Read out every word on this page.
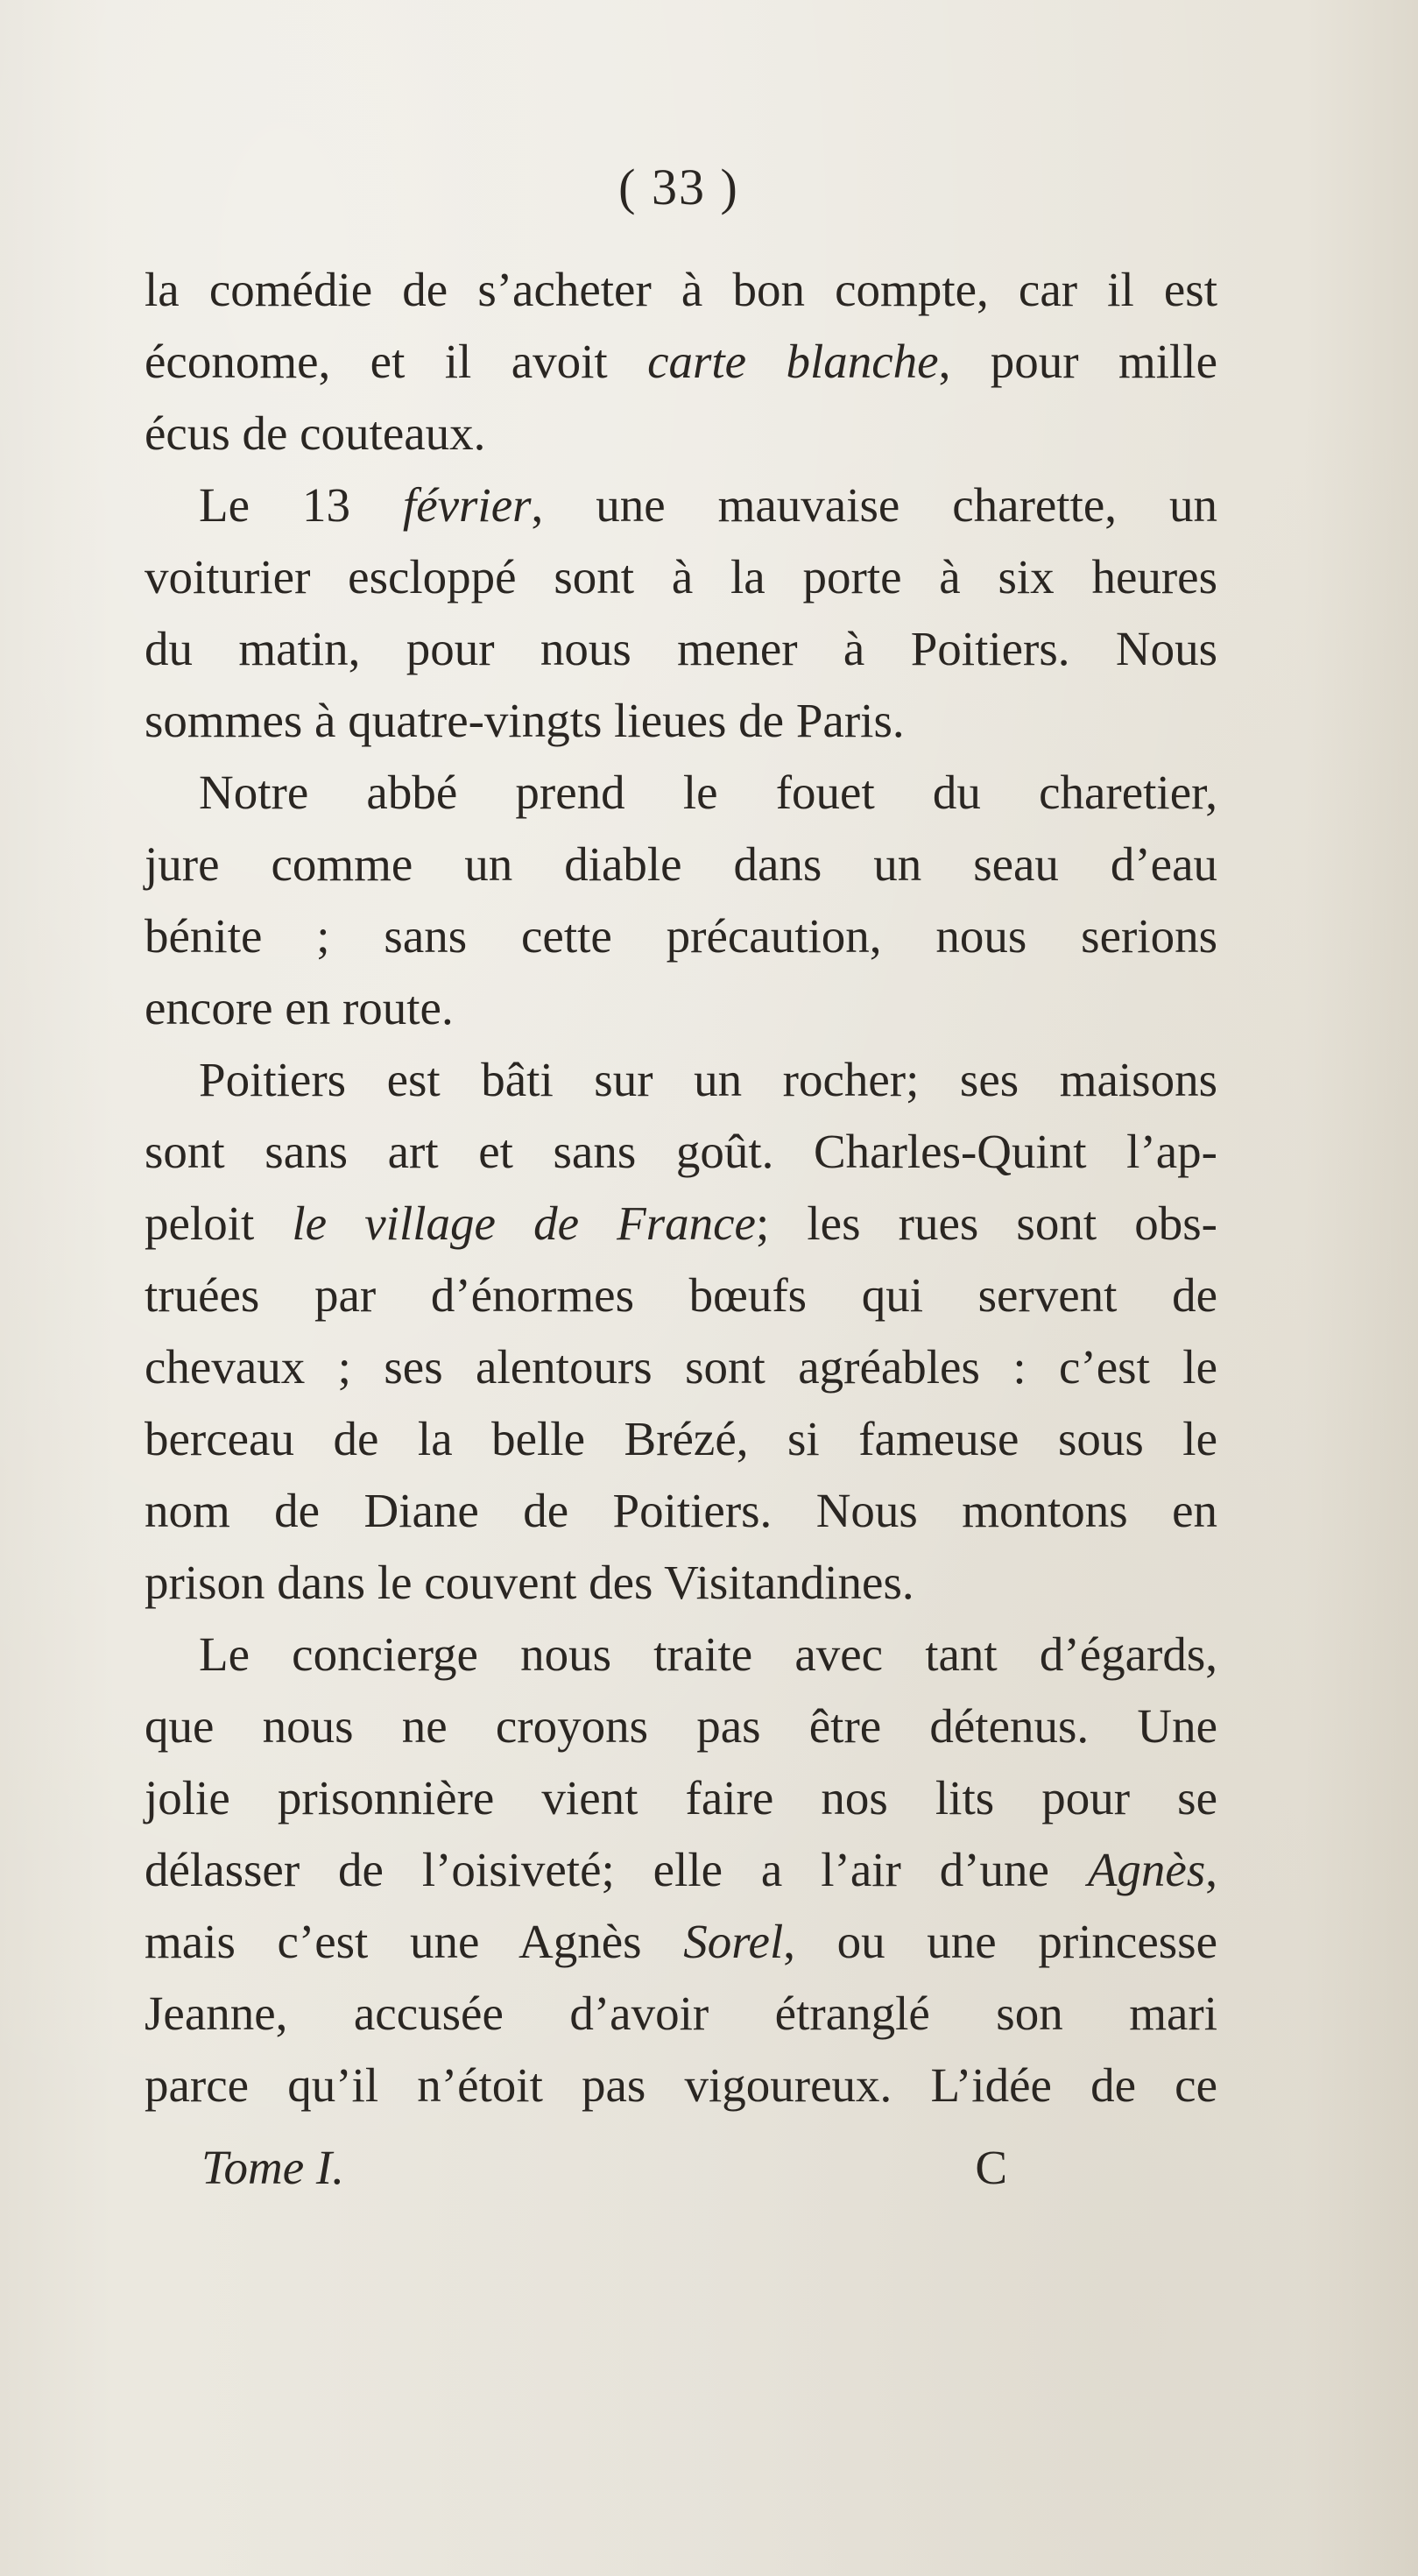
( 33 )
la comédie de s’acheter à bon compte, car il est
économe, et il avoit carte blanche, pour mille
écus de couteaux.
Le 13 février, une mauvaise charette, un
voiturier escloppé sont à la porte à six heures
du matin, pour nous mener à Poitiers. Nous
sommes à quatre-vingts lieues de Paris.
Notre abbé prend le fouet du charetier,
jure comme un diable dans un seau d’eau
bénite ; sans cette précaution, nous serions
encore en route.
Poitiers est bâti sur un rocher; ses maisons
sont sans art et sans goût. Charles-Quint l’ap-
peloit le village de France; les rues sont obs-
truées par d’énormes bœufs qui servent de
chevaux ; ses alentours sont agréables : c’est le
berceau de la belle Brézé, si fameuse sous le
nom de Diane de Poitiers. Nous montons en
prison dans le couvent des Visitandines.
Le concierge nous traite avec tant d’égards,
que nous ne croyons pas être détenus. Une
jolie prisonnière vient faire nos lits pour se
délasser de l’oisiveté; elle a l’air d’une Agnès,
mais c’est une Agnès Sorel, ou une princesse
Jeanne, accusée d’avoir étranglé son mari
parce qu’il n’étoit pas vigoureux. L’idée de ce
Tome I.	C
